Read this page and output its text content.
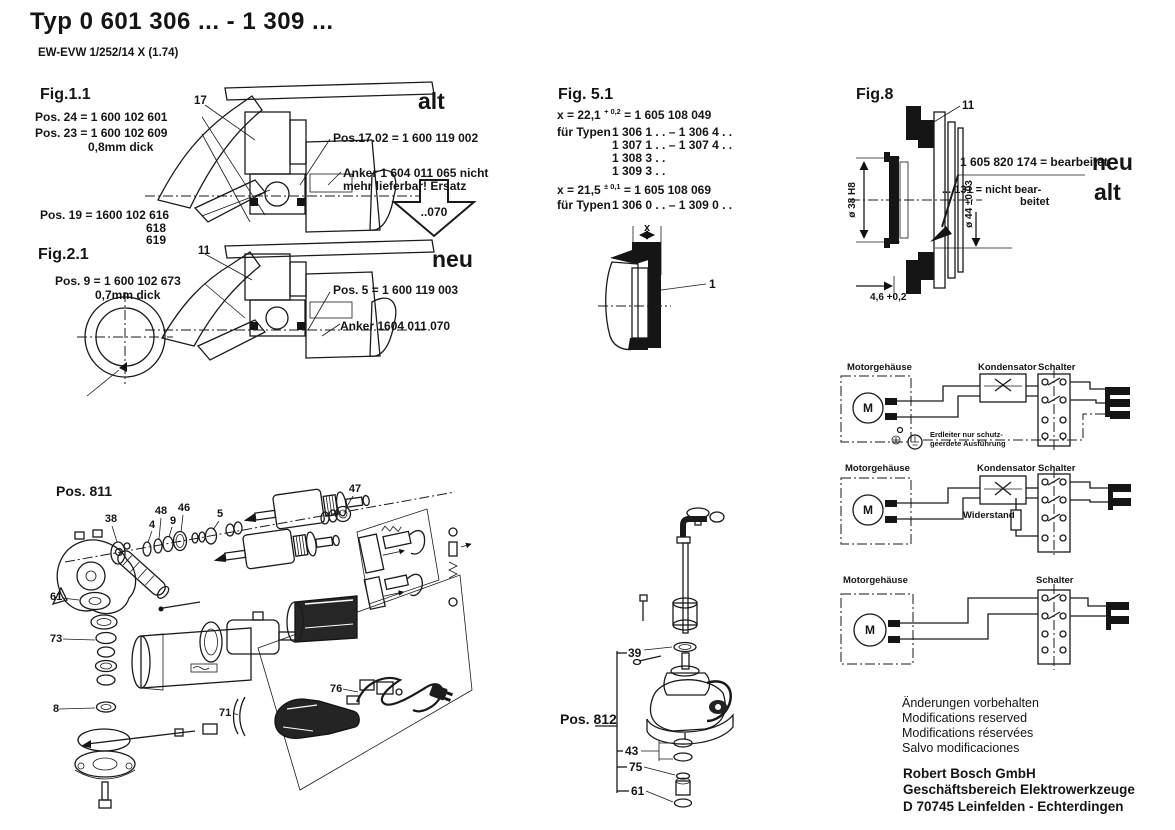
..070
x
1
ø 38 H8	ø 44 ±0,03
4,6 +0,2
M
M
M
38	4
48
9
46 5
47
61
73
8
76
71
39
43
75
61
Typ 0 601 306 ... - 1 309 ...
EW-EVW 1/252/14 X (1.74)
Fig.1.1
Pos. 24 = 1 600 102 601
Pos. 23 = 1 600 102 609
0,8mm dick
Pos. 19 = 1600 102 616
618
619
17
Pos.17.02 = 1 600 119 002
Anker 1 604 011 065 nicht
mehr lieferbar! Ersatz
alt
Fig.2.1	11
Pos. 9 = 1 600 102 673
0,7mm dick	Pos. 5 = 1 600 119 003
Anker 1604 011 070
neu
Fig. 5.1
x = 22,1 $^{+ 0,2}$ = 1 605 108 049
für Typen 1 306 1 . . – 1 306 4 . .
1 307 1 . . – 1 307 4 . .
1 308 3 . .
1 309 3 . .
x = 21,5 $^{\pm 0,1}$ = 1 605 108 069
für Typen 1 306 0 . . – 1 309 0 . .
Fig.8
11
1 605 820 174 = bearbeitet
neu
... 131 = nicht bear-
beitet alt
Motorgehäuse	Kondensator Schalter
Erdleiter nur schutz-
geerdete Ausführung
Motorgehäuse	Kondensator Schalter
Widerstand
Motorgehäuse	Schalter
Pos. 811
Pos. 812
Änderungen vorbehalten
Modifications reserved
Modifications réservées
Salvo modificaciones
Robert Bosch GmbH
Geschäftsbereich Elektrowerkzeuge
D 70745 Leinfelden - Echterdingen
